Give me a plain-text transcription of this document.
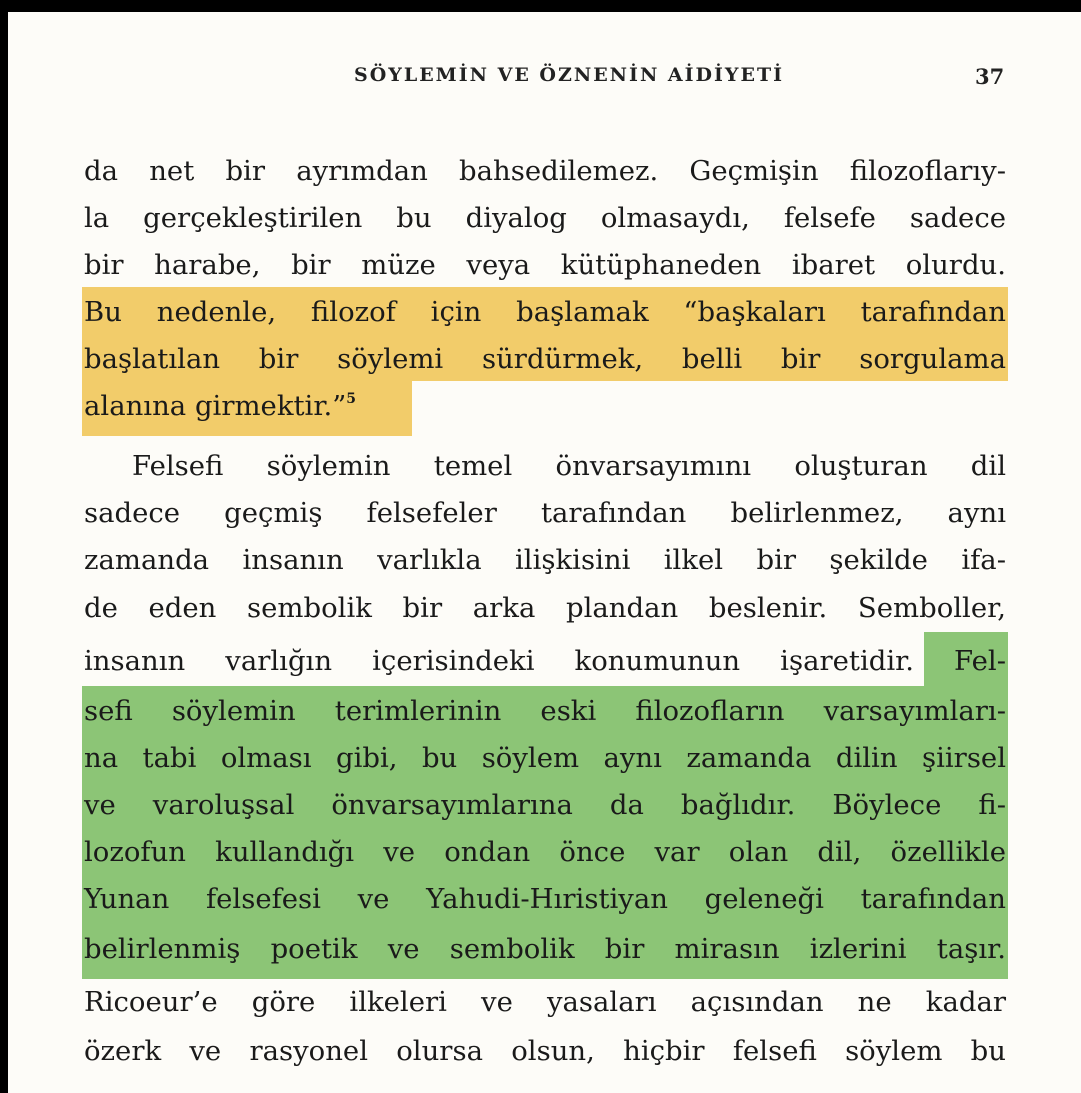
SÖYLEMİN VE ÖZNENİN AİDİYETİ	37
da net bir ayrımdan bahsedilemez. Geçmişin filozoflarıy-
la gerçekleştirilen bu diyalog olmasaydı, felsefe sadece
bir harabe, bir müze veya kütüphaneden ibaret olurdu.
Bu nedenle, filozof için başlamak “başkaları tarafından
başlatılan bir söylemi sürdürmek, belli bir sorgulama
alanına girmektir.”$^5$
Felsefi söylemin temel önvarsayımını oluşturan dil
sadece geçmiş felsefeler tarafından belirlenmez, aynı
zamanda insanın varlıkla ilişkisini ilkel bir şekilde ifa-
de eden sembolik bir arka plandan beslenir. Semboller,
insanın varlığın içerisindeki konumunun işaretidir. Fel-
sefi söylemin terimlerinin eski filozofların varsayımları-
na tabi olması gibi, bu söylem aynı zamanda dilin şiirsel
ve varoluşsal önvarsayımlarına da bağlıdır. Böylece fi-
lozofun kullandığı ve ondan önce var olan dil, özellikle
Yunan felsefesi ve Yahudi-Hıristiyan geleneği tarafından
belirlenmiş poetik ve sembolik bir mirasın izlerini taşır.
Ricoeur’e göre ilkeleri ve yasaları açısından ne kadar
özerk ve rasyonel olursa olsun, hiçbir felsefi söylem bu
